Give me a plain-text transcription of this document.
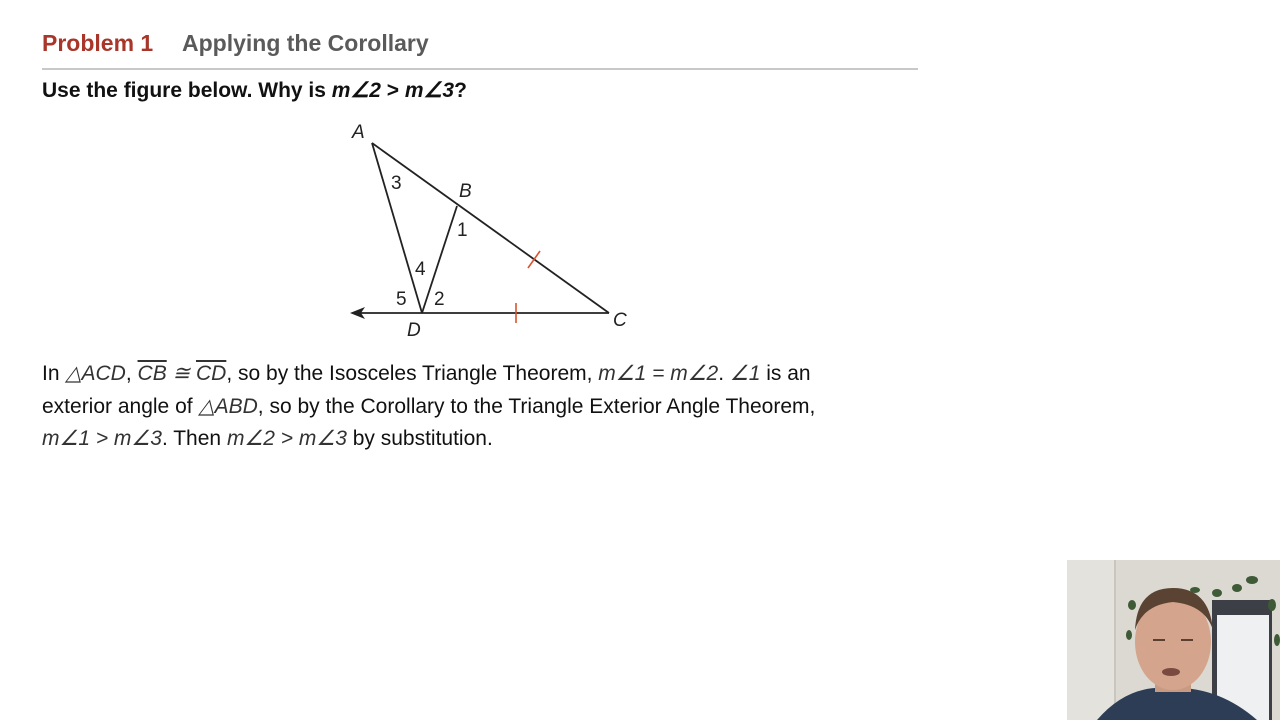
Problem 1 Applying the Corollary
Use the figure below. Why is m∠2 > m∠3?
A
B
C
D
3
1
4
5 2
In △ACD, $\overline{CB}$ ≅ $\overline{CD}$, so by the Isosceles Triangle Theorem, m∠1 = m∠2. ∠1 is an
exterior angle of △ABD, so by the Corollary to the Triangle Exterior Angle Theorem,
m∠1 > m∠3. Then m∠2 > m∠3 by substitution.
